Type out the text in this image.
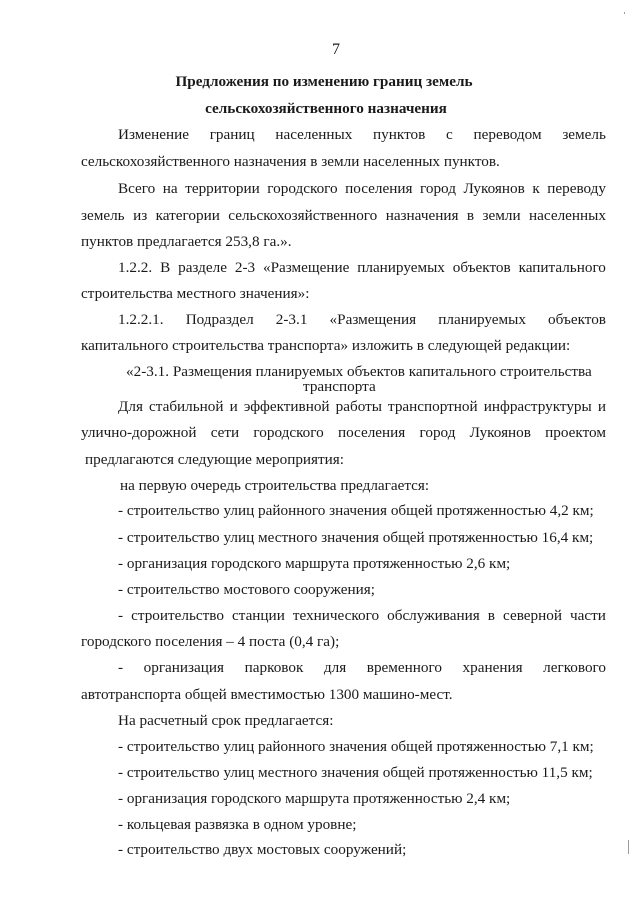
7
Предложения по изменению границ земель
сельскохозяйственного назначения
Изменение границ населенных пунктов с переводом земель
сельскохозяйственного назначения в земли населенных пунктов.
Всего на территории городского поселения город Лукоянов к переводу
земель из категории сельскохозяйственного назначения в земли населенных
пунктов предлагается 253,8 га.».
1.2.2. В разделе 2-3 «Размещение планируемых объектов капитального
строительства местного значения»:
1.2.2.1. Подраздел 2-3.1 «Размещения планируемых объектов
капитального строительства транспорта» изложить в следующей редакции:
«2-3.1. Размещения планируемых объектов капитального строительства
транспорта
Для стабильной и эффективной работы транспортной инфраструктуры и
улично-дорожной сети городского поселения город Лукоянов проектом
предлагаются следующие мероприятия:
на первую очередь строительства предлагается:
- строительство улиц районного значения общей протяженностью 4,2 км;
- строительство улиц местного значения общей протяженностью 16,4 км;
- организация городского маршрута протяженностью 2,6 км;
- строительство мостового сооружения;
- строительство станции технического обслуживания в северной части
городского поселения – 4 поста (0,4 га);
- организация парковок для временного хранения легкового
автотранспорта общей вместимостью 1300 машино-мест.
На расчетный срок предлагается:
- строительство улиц районного значения общей протяженностью 7,1 км;
- строительство улиц местного значения общей протяженностью 11,5 км;
- организация городского маршрута протяженностью 2,4 км;
- кольцевая развязка в одном уровне;
- строительство двух мостовых сооружений;
